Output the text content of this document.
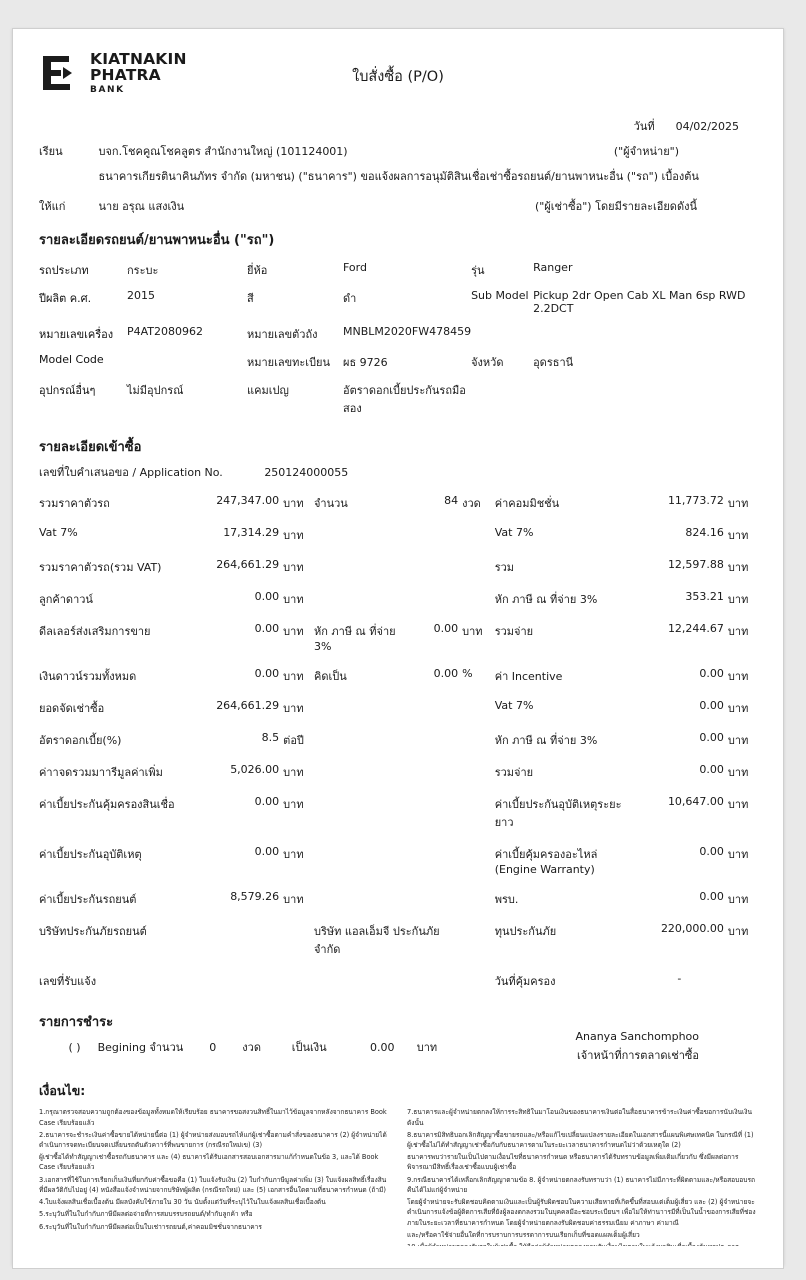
KIATNAKIN
PHATRA
BANK
ใบสั่งซื้อ (P/O)
วันที่ 04/02/2025
เรียน	บจก.โชคคูณโชคลูตร สำนักงานใหญ่ (101124001)	("ผู้จำหน่าย")
ธนาคารเกียรตินาคินภัทร จำกัด (มหาชน) ("ธนาคาร") ขอแจ้งผลการอนุมัติสินเชื่อเช่าซื้อรถยนต์/ยานพาหนะอื่น ("รถ") เบื้องต้น
ให้แก่	นาย อรุณ แสงเงิน	("ผู้เช่าซื้อ") โดยมีรายละเอียดดังนี้
รายละเอียดรถยนต์/ยานพาหนะอื่น ("รถ")
รถประเภท	กระบะ	ยี่ห้อ	Ford	รุ่น	Ranger
ปีผลิต ค.ศ.	2015	สี	ดำ	Sub Model	Pickup 2dr Open Cab XL Man 6sp RWD 2.2DCT
หมายเลขเครื่อง	P4AT2080962	หมายเลขตัวถัง	MNBLM2020FW478459		
Model Code		หมายเลขทะเบียน	ผธ 9726	จังหวัด	อุดรธานี
อุปกรณ์อื่นๆ	ไม่มีอุปกรณ์	แคมเปญ	อัตราดอกเบี้ยประกันรถมือสอง		
รายละเอียดเข้าซื้อ
เลขที่ใบคำเสนอขอ / Application No.	250124000055
รวมราคาตัวรถ	247,347.00	บาท	จำนวน	84	งวด	ค่าคอมมิชชั่น	11,773.72	บาท
Vat 7%	17,314.29	บาท				Vat 7%	824.16	บาท
รวมราคาตัวรถ(รวม VAT)	264,661.29	บาท				รวม	12,597.88	บาท
ลูกค้าดาวน์	0.00	บาท				หัก ภาษี ณ ที่จ่าย 3%	353.21	บาท
ดีลเลอร์ส่งเสริมการขาย	0.00	บาท	หัก ภาษี ณ ที่จ่าย 3%	0.00	บาท	รวมจ่าย	12,244.67	บาท
เงินดาวน์รวมทั้งหมด	0.00	บาท	คิดเป็น	0.00	%	ค่า Incentive	0.00	บาท
ยอดจัดเช่าซื้อ	264,661.29	บาท				Vat 7%	0.00	บาท
อัตราดอกเบี้ย(%)	8.5	ต่อปี				หัก ภาษี ณ ที่จ่าย 3%	0.00	บาท
ค่าาจดรวมมาารีมูลค่าเพิ่ม	5,026.00	บาท				รวมจ่าย	0.00	บาท
ค่าเบี้ยประกันคุ้มครองสินเชื่อ	0.00	บาท				ค่าเบี้ยประกันอุบัติเหตุระยะยาว	10,647.00	บาท
ค่าเบี้ยประกันอุบัติเหตุ	0.00	บาท				ค่าเบี้ยคุ้มครองอะไหล่ (Engine Warranty)	0.00	บาท
ค่าเบี้ยประกันรถยนต์	8,579.26	บาท				พรบ.	0.00	บาท
บริษัทประกันภัยรถยนต์			บริษัท แอลเอ็มจี ประกันภัย จำกัด			ทุนประกันภัย	220,000.00	บาท
เลขที่รับแจ้ง						วันที่คุ้มครอง	-	
รายการชำระ
( ) Begining จำนวน 0 งวด	เป็นเงิน	0.00 บาท
Ananya Sanchomphoo
เจ้าหน้าที่การตลาดเช่าซื้อ
เงื่อนไข:

1.กรุณาตรวจสอบความถูกต้องของข้อมูลทั้งหมดให้เรียบร้อย ธนาคารขอสงวนสิทธิ์ในมาไว้ข้อมูลจากหลังจากธนาคาร Book Case เรียบร้อยแล้ว

2.ธนาคารจะชำระเงินค่าซื้อขายได้หน่ายนี้ต่อ (1) ผู้จำหน่ายส่งมอบรถไห้แก่ผู้เช่าซื้อตามคำสั่งของธนาคาร (2) ผู้จำหน่ายได้ดำเนินการจดทะเบียนจดเปลี่ยนรถตันตัวคาาร์ที่พนขายการ (กรณีรถใหม่เข) (3)

ผู้เช่าซื้อได้ทำสัญญาเช่าซื้อรถกับธนาคาร และ (4) ธนาคารได้รับเอกสารสอบเอกสารมาแก้กำหนดในข้อ 3, และได้ Book Case เรียบร้อยแล้ว

3.เอกสารที่ใช้ในการเรียกเก็บเงินที่ยกกับค่าซื้อขอคือ (1) ใบแจ้งรับเงิน (2) ใบกำกับภาษีมูลค่าเพิ่ม (3) ใบแจ้งผลสิทธิ์เรื่องสินที่มีผลวัติกับไปอยู่ (4) หนังสือแจ้งจำหน่ายจากบริษัทผู้ผลิต (กรณีรถใหม่) และ (5) เอกสารอื่นใดตามที่ธนาคารกำหนด (ถ้ามี)

4.ใบแจ้งผลสินเชื่อเบื้องต้น มีผลบังคับใช้ภายใน 30 วัน นับตั้งแต่วันที่ระบุไว้ในใบแจ้งผลสินเชื่อเบื้องต้น

5.ระบุวันที่ในใบกำกับภาษีมีผลต่อจ่ายที่การสมบรรบรถยนต์/ทำกับลูกค้า หรือ

6.ระบุวันที่ในใบกำกับภาษีมีผลต่อเป็นใบเช่าารถยนต์,ค่าคอมมิชชั่นจากธนาคาร

7.ธนาคารและผู้จำหน่ายตกลงให้การระสิทธิในมาโอนเงินของธนาคารเงินต่อในสื่อธนาคารข้าระเงินค่าซื้อขอการนับเงินเงินดังนั้น

8.ธนาคารมิสิทธิบอกเลิกสัญญาซื้อขายรถและ/หรือแก้ไขเปลี่ยนแปลงรายละเอียดในเอกสารนี้แผนพิเศษเทคนิค ในกรณีที่ (1) ผู้เช่าซื้อไม่ได้ทำสัญญาเช่าซื้อกับกับธนาคารตามในระยะเวลาธนาคารกำหนดไม่ว่าด้วยเหตุใด (2)

ธนาคารพบว่ารายในเป็นไปตามเงื่อนไขที่ธนาคารกำหนด หรือธนาคารได้รับทราบข้อมูลเพิ่มเติมเกี่ยวกับ ซึ่งมีผลต่อการพิจารณามีสิทธิ์เรื่องเช่าซื้อแบบผู้เช่าซื้อ

9.กรณีธนาคารได้เหลือกเลิกสัญญาตามข้อ 8. ผู้จำหน่ายตกลงรับทราบว่า (1) ธนาคารไม่มีภาระที่ผิดตามและ/หรือสอบอบรถคืนได้ไม่แก่ผู้จำหน่าย

โดยผู้จำหน่ายจะรับผิดชอบคิดตามเงินและเป็นผู้รับผิดชอบในความเสียหายที่เกิดขึ้นที่สอบแต่เต็มผู้เสี่ยว และ (2) ผู้จำหน่ายจะดำเนินการแจ้งข้อผู้ติดการเสียที่ยังผู้ลองตกลงรวมในบุคคลมีอะชอบระเบียนฯ เพื่อไม่ให้ท่านาารมีที่เป็นในน้ำของการเสียที่ช่อง ภายในระยะเวลาที่ธนาคารกำหนด โดยผู้จำหน่ายตกลงรับผิดชอบค่าธรรมเนียม ค่าภาษา ค่ามาณี

และ/หรือคาใช้จ่ายอื่นใดที่การบราบการบรรดาการบนเรียกเก็บที่ขอดแผลเต็มผู้เสี่ยว
